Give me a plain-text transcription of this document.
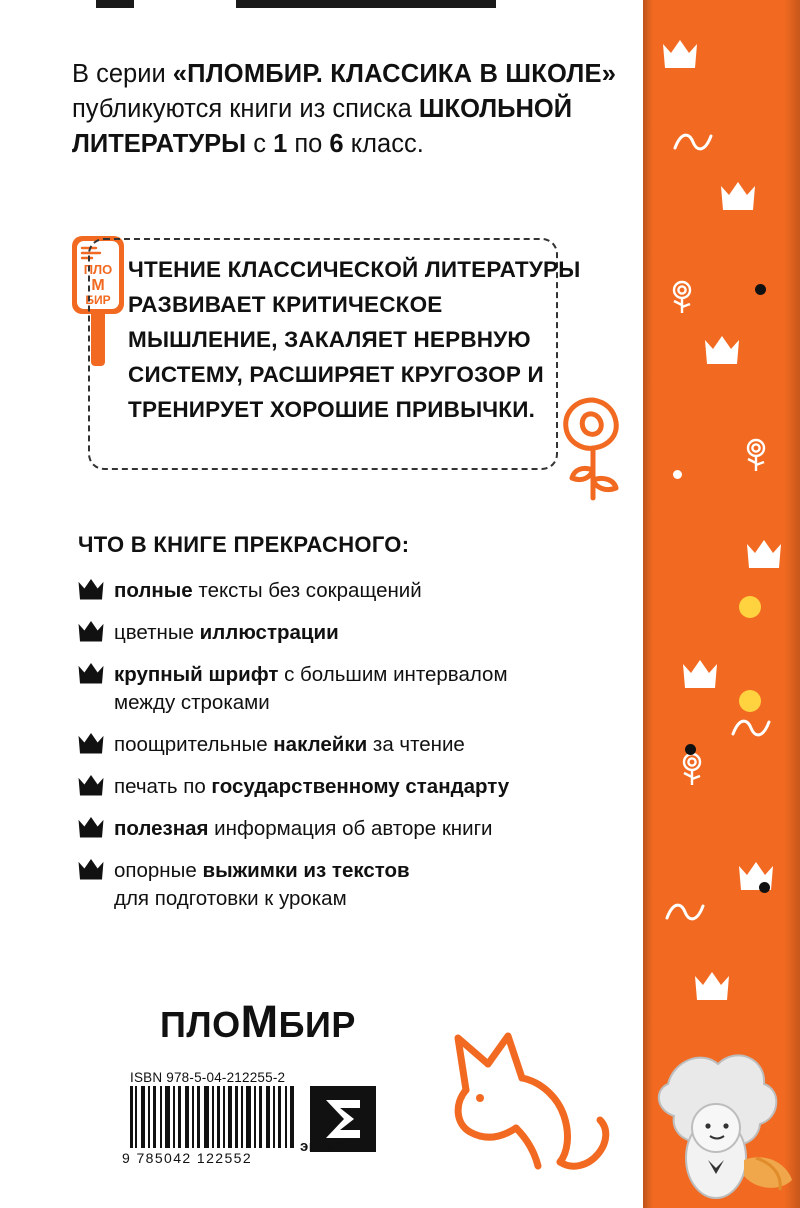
В серии «ПЛОМБИР. КЛАССИКА В ШКОЛЕ»
публикуются книги из списка ШКОЛЬНОЙ
ЛИТЕРАТУРЫ с 1 по 6 класс.
ПЛО
М
БИР
ЧТЕНИЕ КЛАССИЧЕСКОЙ ЛИТЕРАТУРЫ РАЗВИВАЕТ КРИТИЧЕСКОЕ МЫШЛЕНИЕ, ЗАКАЛЯЕТ НЕРВНУЮ СИСТЕМУ, РАСШИРЯЕТ КРУГОЗОР И ТРЕНИРУЕТ ХОРОШИЕ ПРИВЫЧКИ.
ЧТО В КНИГЕ ПРЕКРАСНОГО:
полные тексты без сокращений
цветные иллюстрации
крупный шрифт с большим интервалом
между строками
поощрительные наклейки за чтение
печать по государственному стандарту
полезная информация об авторе книги
опорные выжимки из текстов
для подготовки к урокам
ПЛОМБИР
ISBN 978-5-04-212255-2
9 785042 122552
эксмо
